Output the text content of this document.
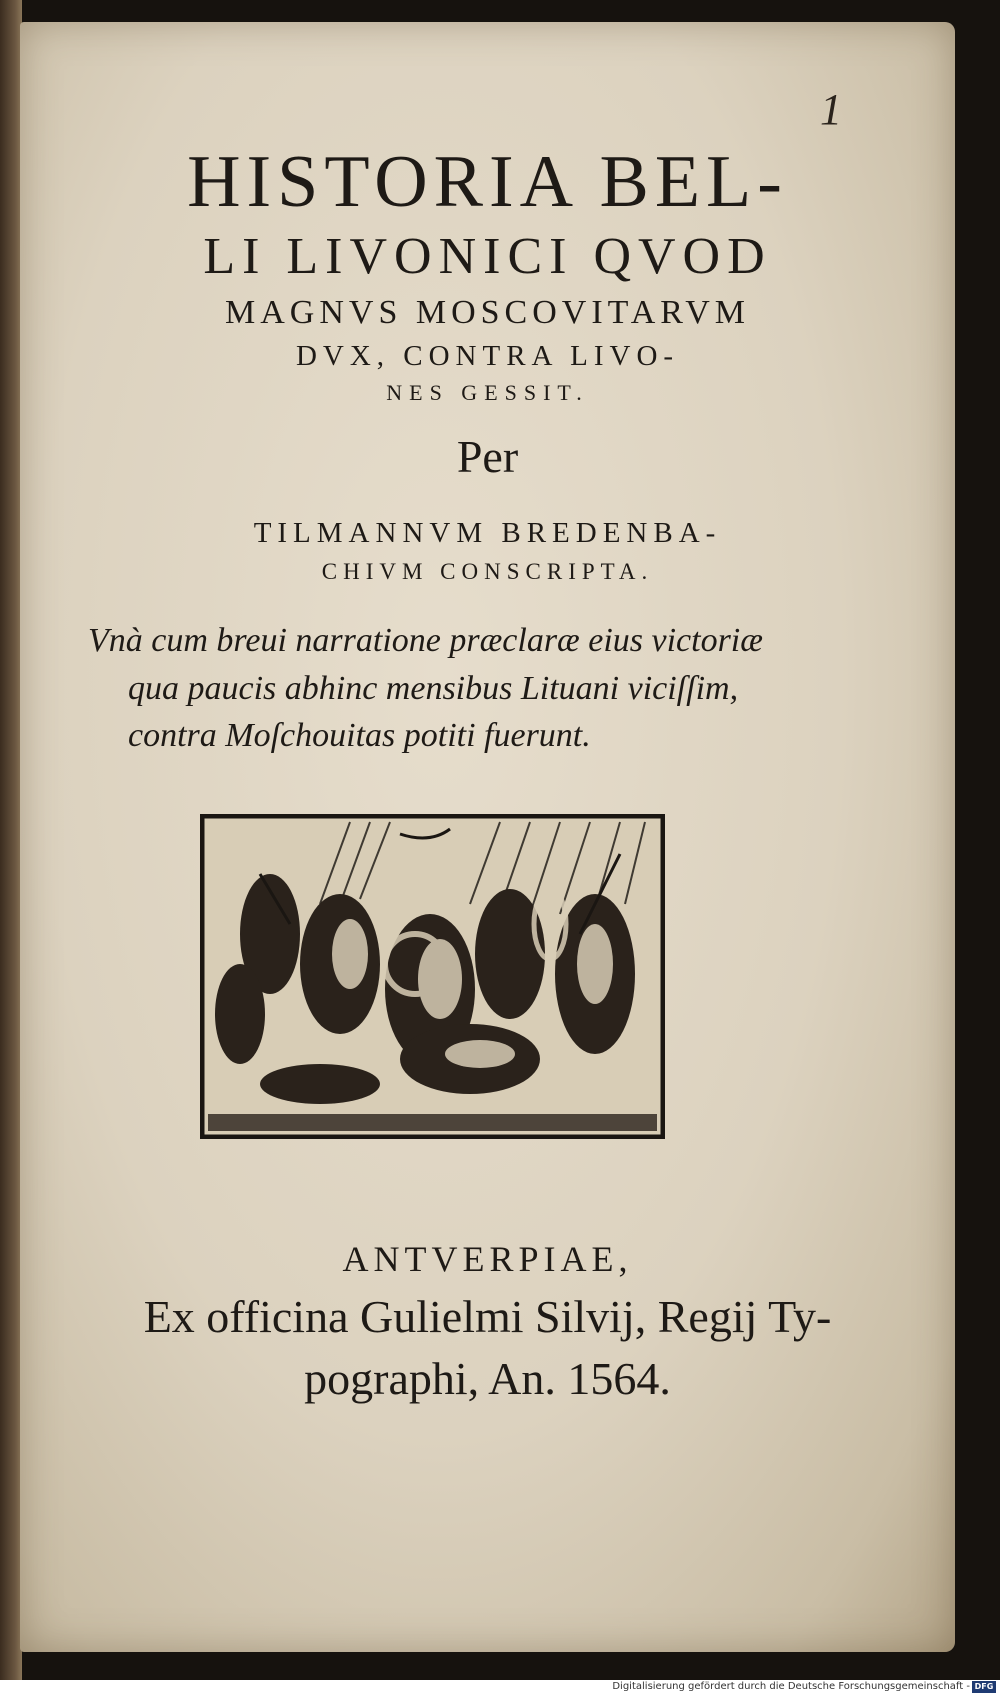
1
HISTORIA BEL-
LI LIVONICI QVOD
MAGNVS MOSCOVITARVM
DVX, CONTRA LIVO-
NES GESSIT.
Per
TILMANNVM BREDENBA-
CHIVM CONSCRIPTA.
Vnà cum breui narratione præclaræ eius victoriæ
qua paucis abhinc mensibus Lituani viciſſim,
contra Moſchouitas potiti fuerunt.
ANTVERPIAE,
Ex officina Gulielmi Silvij, Regij Ty-
pographi, An. 1564.
Digitalisierung gefördert durch die Deutsche Forschungsgemeinschaft - DFG
